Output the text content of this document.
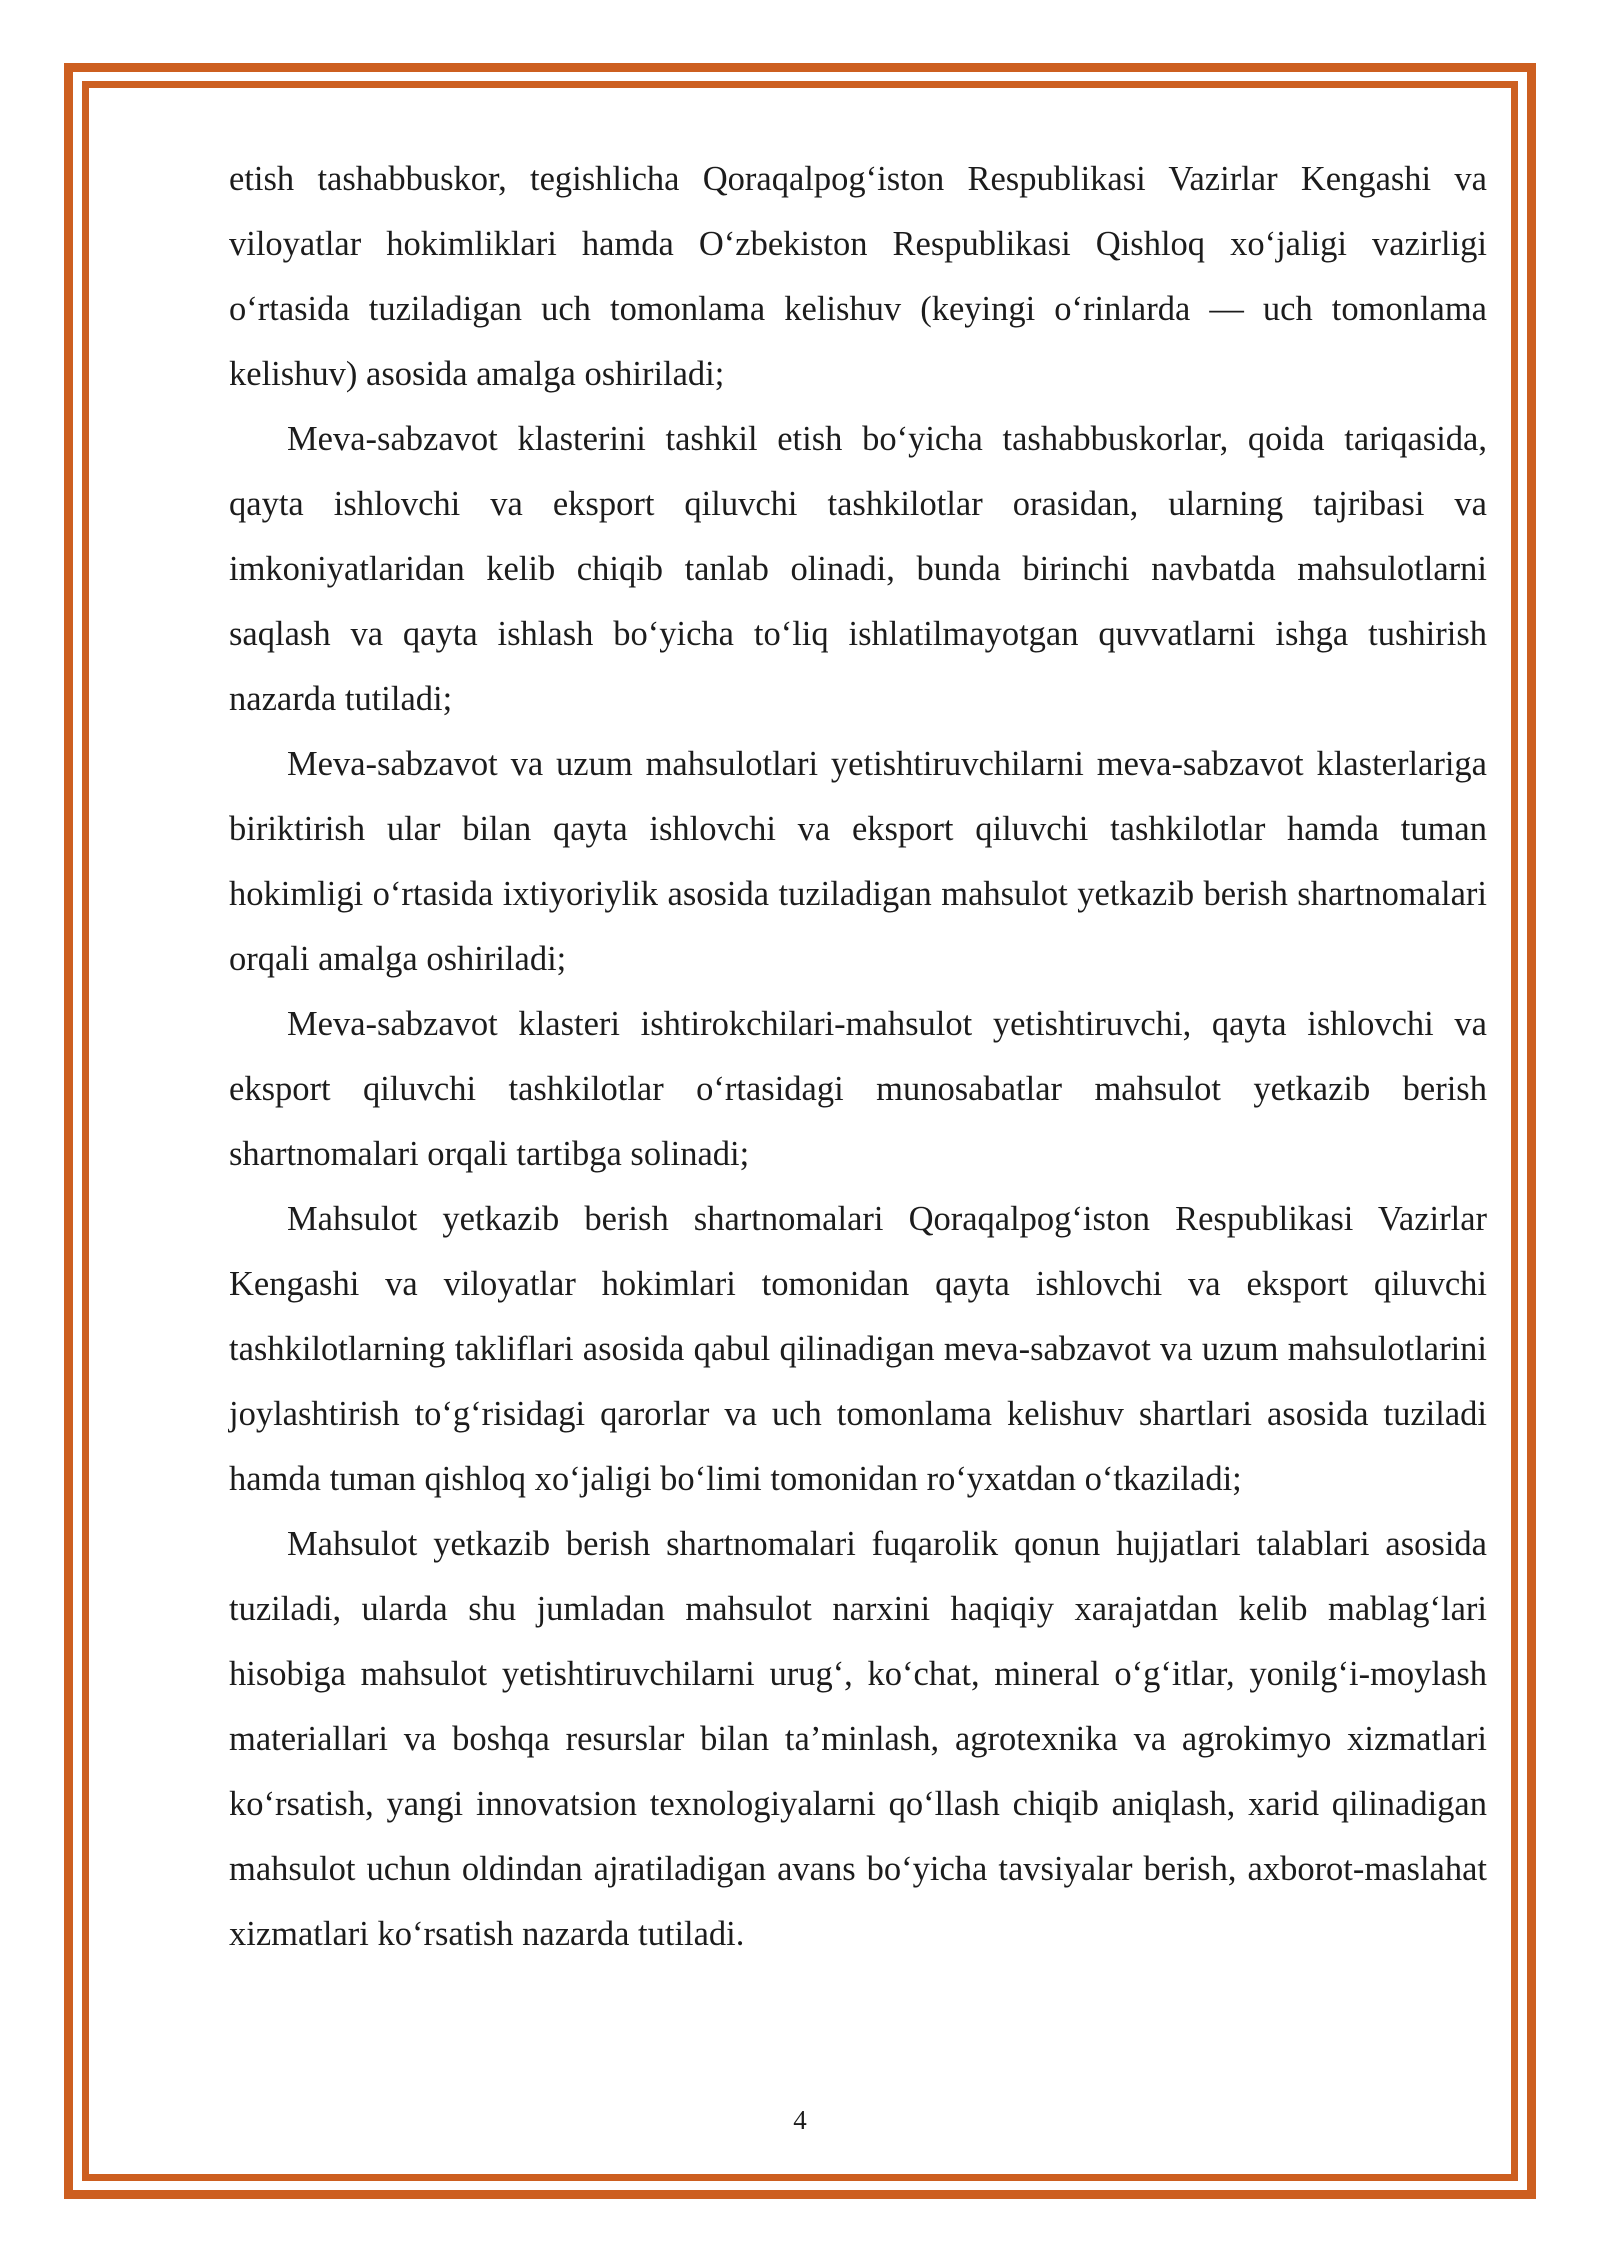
etish tashabbuskor, tegishlicha Qoraqalpog‘iston Respublikasi Vazirlar Kengashi va viloyatlar hokimliklari hamda O‘zbekiston Respublikasi Qishloq xo‘jaligi vazirligi o‘rtasida tuziladigan uch tomonlama kelishuv (keyingi o‘rinlarda — uch tomonlama kelishuv) asosida amalga oshiriladi;

Meva-sabzavot klasterini tashkil etish bo‘yicha tashabbuskorlar, qoida tariqasida, qayta ishlovchi va eksport qiluvchi tashkilotlar orasidan, ularning tajribasi va imkoniyatlaridan kelib chiqib tanlab olinadi, bunda birinchi navbatda mahsulotlarni saqlash va qayta ishlash bo‘yicha to‘liq ishlatilmayotgan quvvatlarni ishga tushirish nazarda tutiladi;

Meva-sabzavot va uzum mahsulotlari yetishtiruvchilarni meva-sabzavot klasterlariga biriktirish ular bilan qayta ishlovchi va eksport qiluvchi tashkilotlar hamda tuman hokimligi o‘rtasida ixtiyoriylik asosida tuziladigan mahsulot yetkazib berish shartnomalari orqali amalga oshiriladi;

Meva-sabzavot klasteri ishtirokchilari-mahsulot yetishtiruvchi, qayta ishlovchi va eksport qiluvchi tashkilotlar o‘rtasidagi munosabatlar mahsulot yetkazib berish shartnomalari orqali tartibga solinadi;

Mahsulot yetkazib berish shartnomalari Qoraqalpog‘iston Respublikasi Vazirlar Kengashi va viloyatlar hokimlari tomonidan qayta ishlovchi va eksport qiluvchi tashkilotlarning takliflari asosida qabul qilinadigan meva-sabzavot va uzum mahsulotlarini joylashtirish to‘g‘risidagi qarorlar va uch tomonlama kelishuv shartlari asosida tuziladi hamda tuman qishloq xo‘jaligi bo‘limi tomonidan ro‘yxatdan o‘tkaziladi;

Mahsulot yetkazib berish shartnomalari fuqarolik qonun hujjatlari talablari asosida tuziladi, ularda shu jumladan mahsulot narxini haqiqiy xarajatdan kelib mablag‘lari hisobiga mahsulot yetishtiruvchilarni urug‘, ko‘chat, mineral o‘g‘itlar, yonilg‘i-moylash materiallari va boshqa resurslar bilan ta’minlash, agrotexnika va agrokimyo xizmatlari ko‘rsatish, yangi innovatsion texnologiyalarni qo‘llash chiqib aniqlash, xarid qilinadigan mahsulot uchun oldindan ajratiladigan avans bo‘yicha tavsiyalar berish, axborot-maslahat xizmatlari ko‘rsatish nazarda tutiladi.

4
